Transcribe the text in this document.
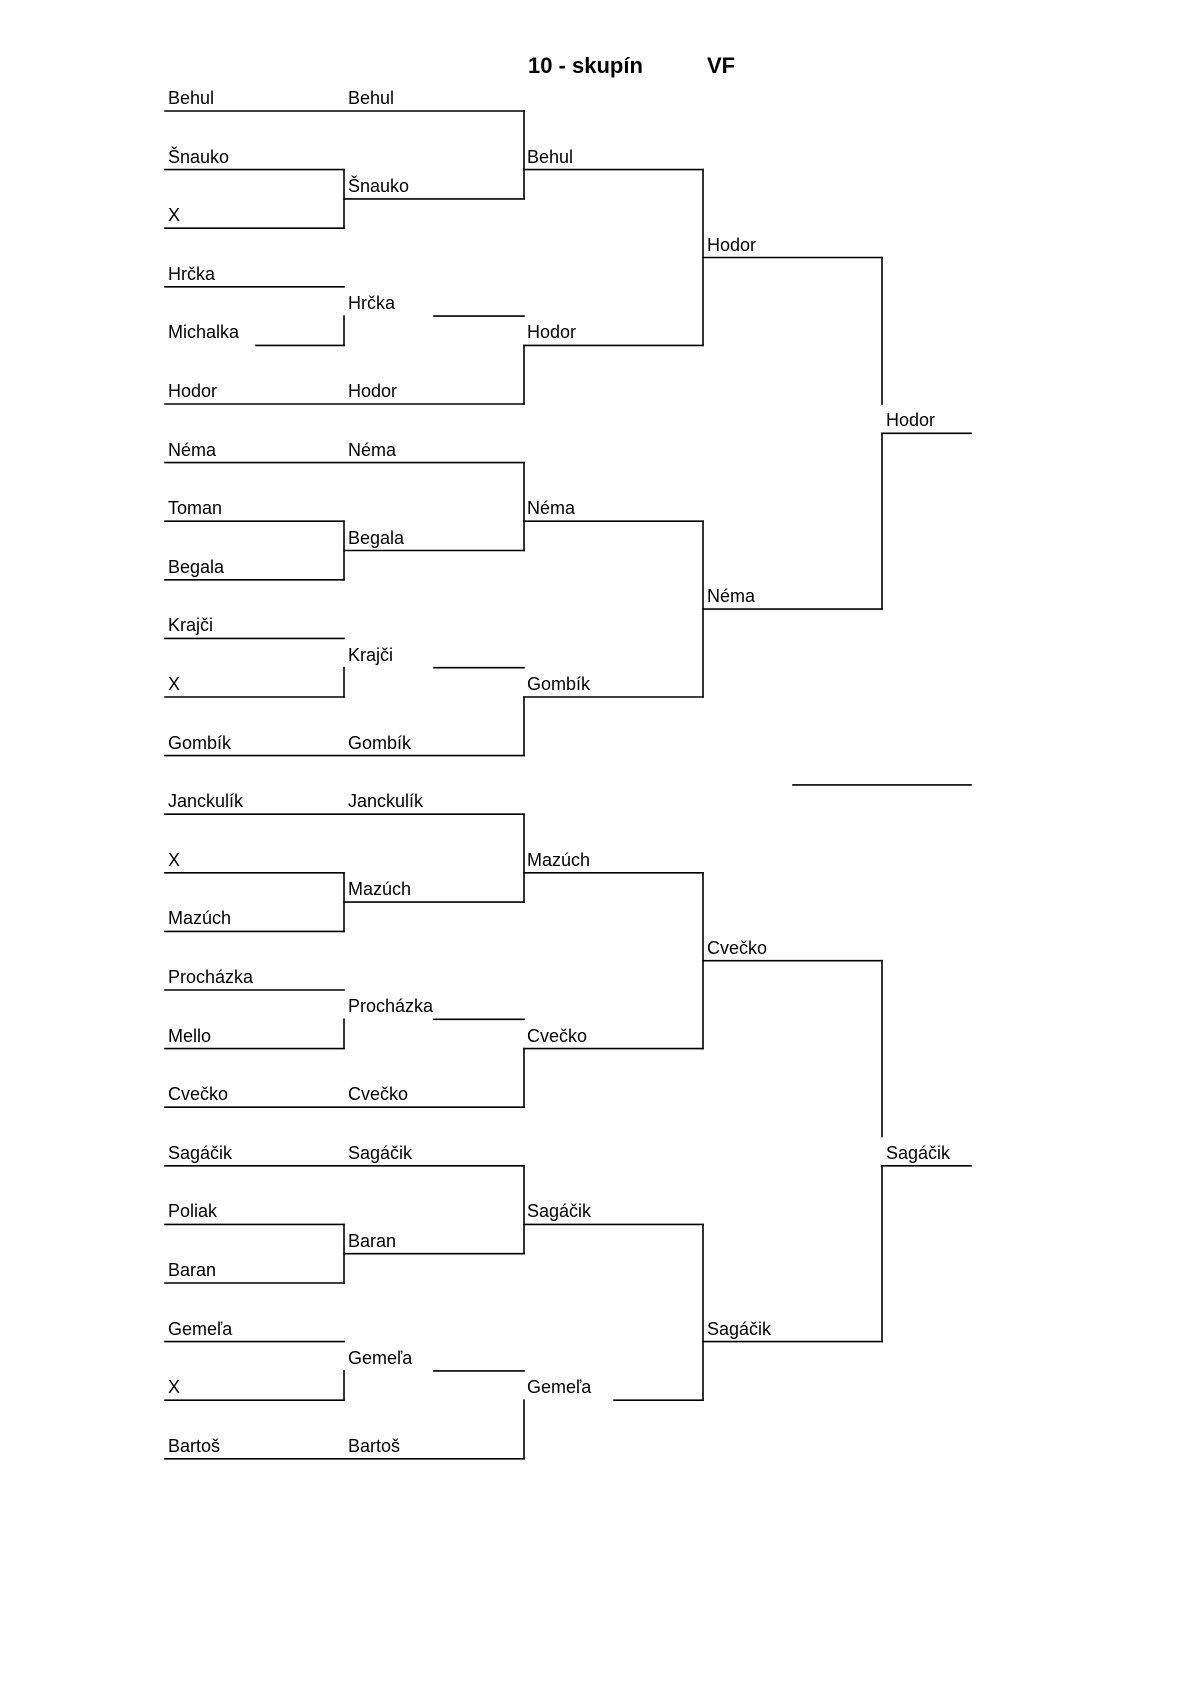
10 - skupín	VF
Behul
Šnauko
X
Hrčka
Michalka
Hodor
Néma
Toman
Begala
Krajči
X
Gombík
Janckulík
X
Mazúch
Procházka
Mello
Cvečko
Sagáčik
Poliak
Baran
Gemeľa
X
Bartoš
Behul
Šnauko
Hrčka
Hodor
Néma
Begala
Krajči
Gombík
Janckulík
Mazúch
Procházka
Cvečko
Sagáčik
Baran
Gemeľa
Bartoš
Behul
Hodor
Néma
Gombík
Mazúch
Cvečko
Sagáčik
Gemeľa
Hodor
Néma
Cvečko
Sagáčik
Hodor
Sagáčik
